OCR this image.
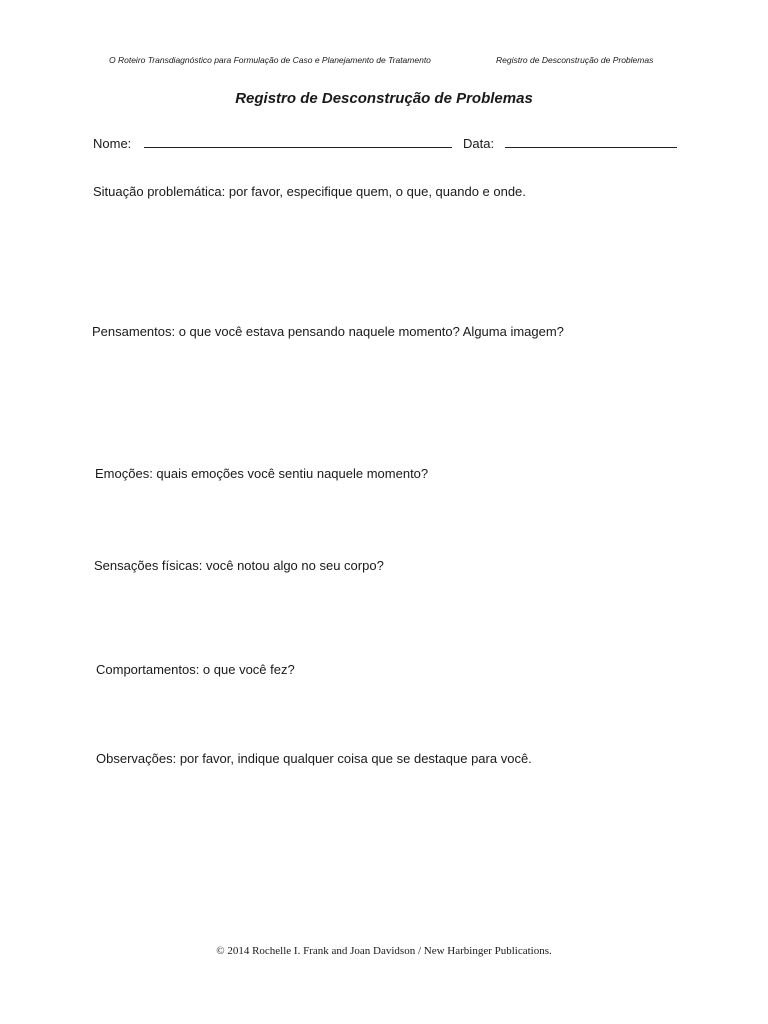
O Roteiro Transdiagnóstico para Formulação de Caso e Planejamento de Tratamento	Registro de Desconstrução de Problemas
Registro de Desconstrução de Problemas
Nome:	Data:
Situação problemática: por favor, especifique quem, o que, quando e onde.
Pensamentos: o que você estava pensando naquele momento? Alguma imagem?
Emoções: quais emoções você sentiu naquele momento?
Sensações físicas: você notou algo no seu corpo?
Comportamentos: o que você fez?
Observações: por favor, indique qualquer coisa que se destaque para você.
© 2014 Rochelle I. Frank and Joan Davidson / New Harbinger Publications.
